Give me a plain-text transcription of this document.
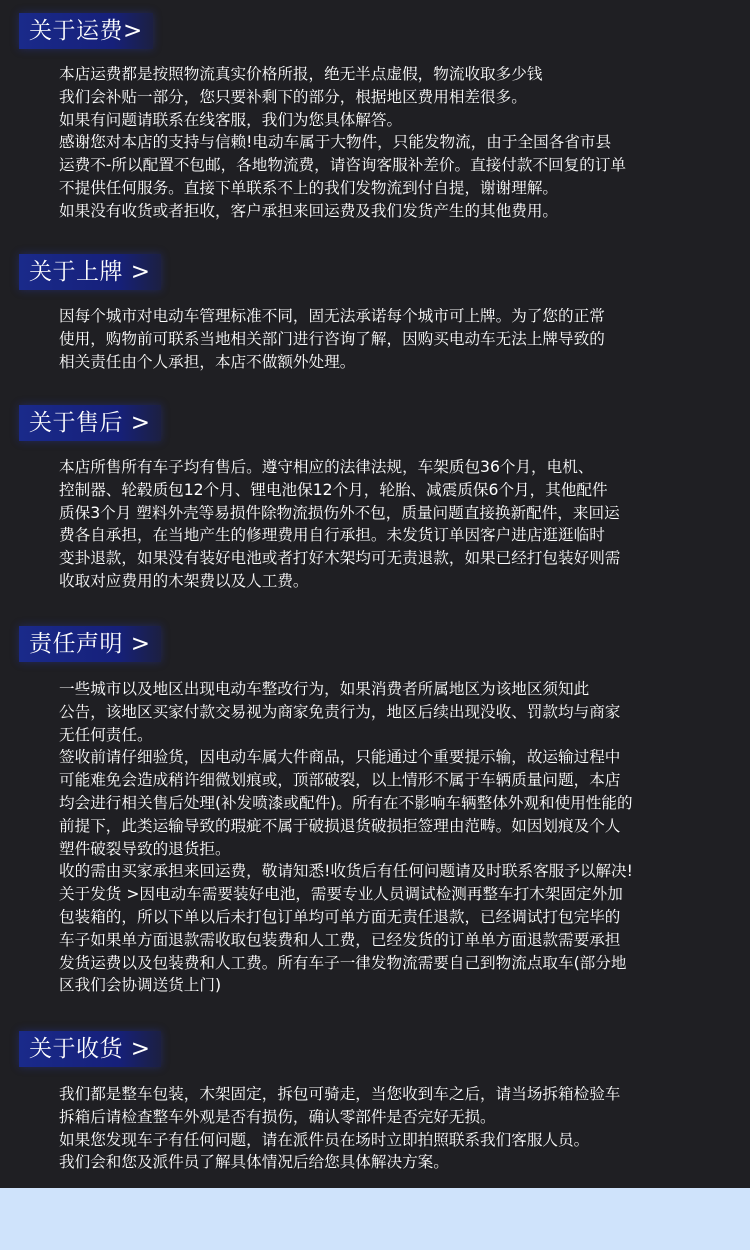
关于运费>
本店运费都是按照物流真实价格所报，绝无半点虚假，物流收取多少钱
我们会补贴一部分，您只要补剩下的部分，根据地区费用相差很多。
如果有问题请联系在线客服，我们为您具体解答。
感谢您对本店的支持与信赖!电动车属于大物件，只能发物流，由于全国各省市县
运费不-所以配置不包邮，各地物流费，请咨询客服补差价。直接付款不回复的订单
不提供任何服务。直接下单联系不上的我们发物流到付自提，谢谢理解。
如果没有收货或者拒收，客户承担来回运费及我们发货产生的其他费用。
关于上牌 >
因每个城市对电动车管理标准不同，固无法承诺每个城市可上牌。为了您的正常
使用，购物前可联系当地相关部门进行咨询了解，因购买电动车无法上牌导致的
相关责任由个人承担，本店不做额外处理。
关于售后 >
本店所售所有车子均有售后。遵守相应的法律法规，车架质包36个月，电机、
控制器、轮毂质包12个月、锂电池保12个月，轮胎、减震质保6个月，其他配件
质保3个月 塑料外壳等易损件除物流损伤外不包，质量问题直接换新配件，来回运
费各自承担，在当地产生的修理费用自行承担。未发货订单因客户进店逛逛临时
变卦退款，如果没有装好电池或者打好木架均可无责退款，如果已经打包装好则需
收取对应费用的木架费以及人工费。
责任声明 >
一些城市以及地区出现电动车整改行为，如果消费者所属地区为该地区须知此
公告，该地区买家付款交易视为商家免责行为，地区后续出现没收、罚款均与商家
无任何责任。
签收前请仔细验货，因电动车属大件商品，只能通过个重要提示输，故运输过程中
可能难免会造成稍许细微划痕或，顶部破裂，以上情形不属于车辆质量问题，本店
均会进行相关售后处理(补发喷漆或配件)。所有在不影响车辆整体外观和使用性能的
前提下，此类运输导致的瑕疵不属于破损退货破损拒签理由范畴。如因划痕及个人
塑件破裂导致的退货拒。
收的需由买家承担来回运费，敬请知悉!收货后有任何问题请及时联系客服予以解决!
关于发货 >因电动车需要装好电池，需要专业人员调试检测再整车打木架固定外加
包装箱的，所以下单以后未打包订单均可单方面无责任退款，已经调试打包完毕的
车子如果单方面退款需收取包装费和人工费，已经发货的订单单方面退款需要承担
发货运费以及包装费和人工费。所有车子一律发物流需要自己到物流点取车(部分地
区我们会协调送货上门)
关于收货 >
我们都是整车包装，木架固定，拆包可骑走，当您收到车之后，请当场拆箱检验车
拆箱后请检查整车外观是否有损伤，确认零部件是否完好无损。
如果您发现车子有任何问题，请在派件员在场时立即拍照联系我们客服人员。
我们会和您及派件员了解具体情况后给您具体解决方案。
